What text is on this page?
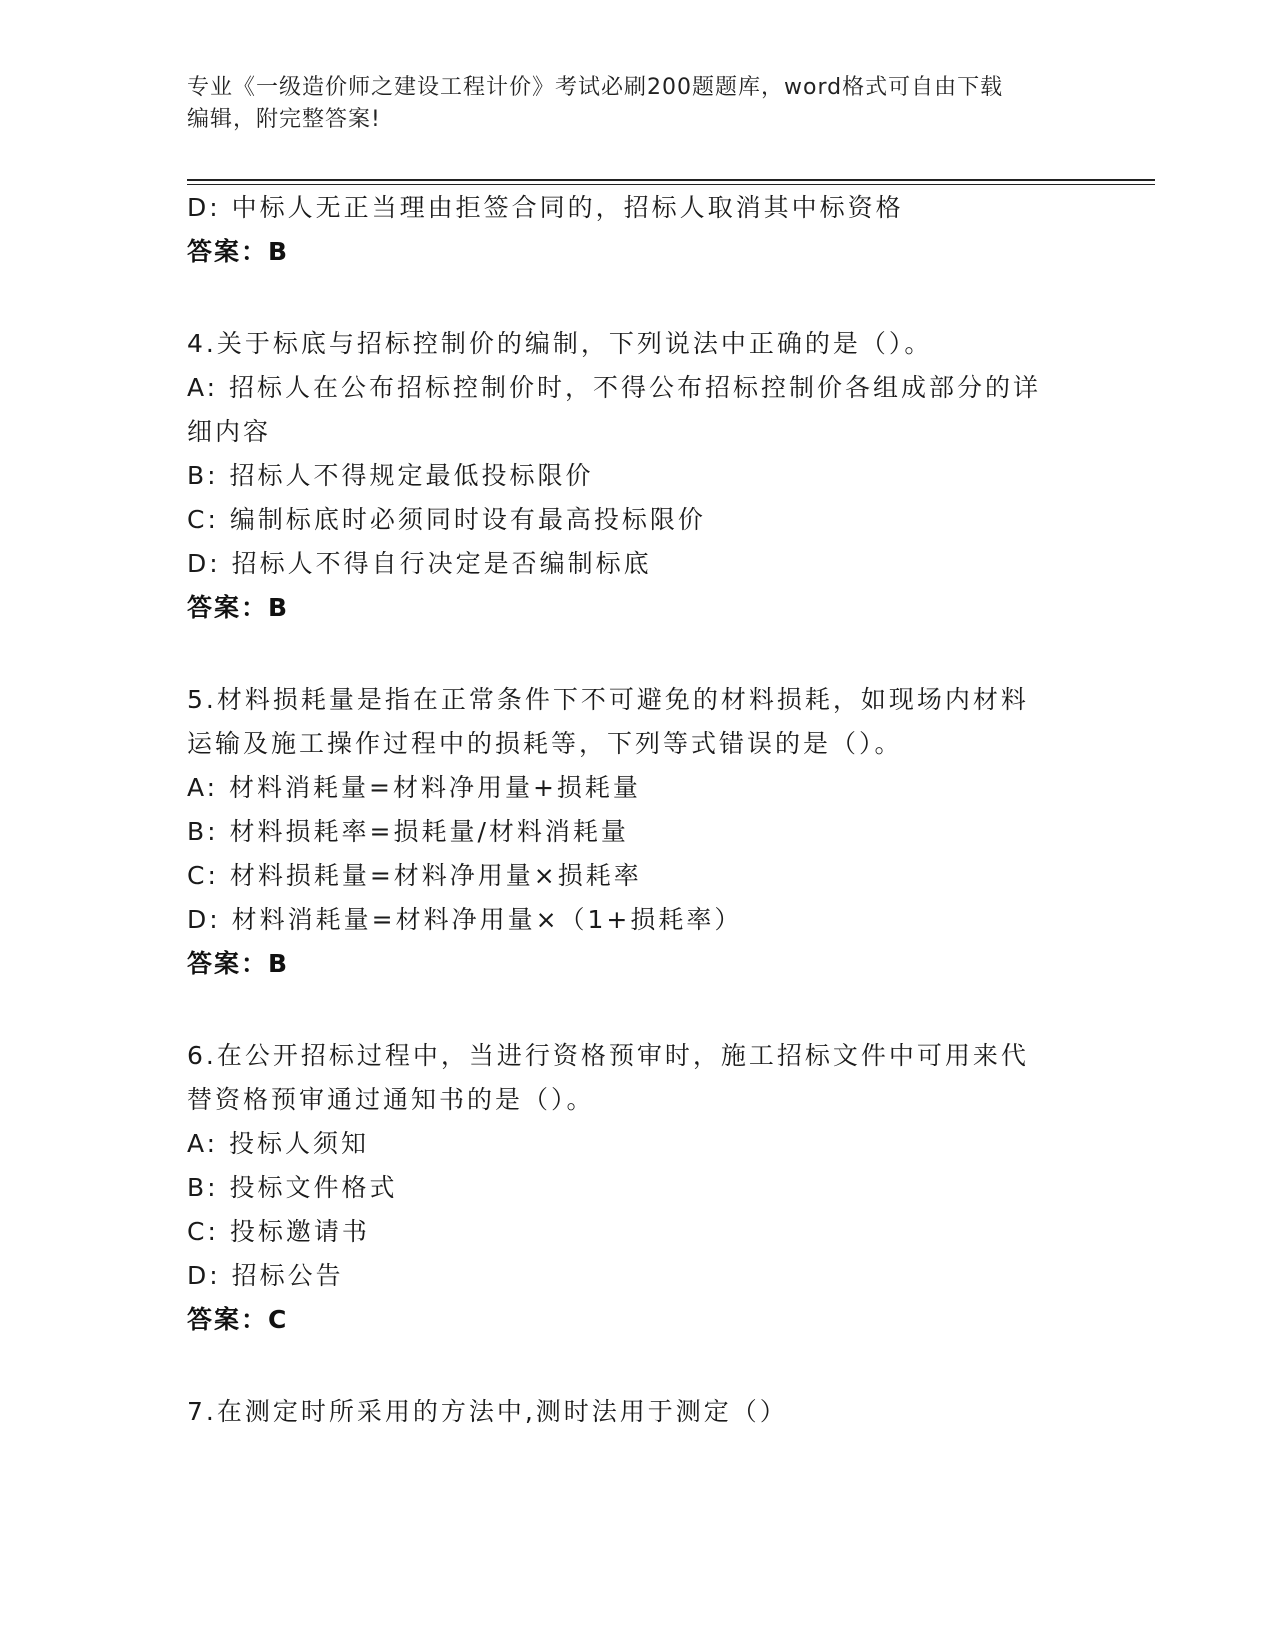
专业《一级造价师之建设工程计价》考试必刷200题题库，word格式可自由下载
编辑，附完整答案!
D: 中标人无正当理由拒签合同的，招标人取消其中标资格
答案：B
4.关于标底与招标控制价的编制，下列说法中正确的是（）。
A: 招标人在公布招标控制价时，不得公布招标控制价各组成部分的详
细内容
B: 招标人不得规定最低投标限价
C: 编制标底时必须同时设有最高投标限价
D: 招标人不得自行决定是否编制标底
答案：B
5.材料损耗量是指在正常条件下不可避免的材料损耗，如现场内材料
运输及施工操作过程中的损耗等，下列等式错误的是（）。
A: 材料消耗量=材料净用量+损耗量
B: 材料损耗率=损耗量/材料消耗量
C: 材料损耗量=材料净用量×损耗率
D: 材料消耗量=材料净用量×（1+损耗率）
答案：B
6.在公开招标过程中，当进行资格预审时，施工招标文件中可用来代
替资格预审通过通知书的是（）。
A: 投标人须知
B: 投标文件格式
C: 投标邀请书
D: 招标公告
答案：C
7.在测定时所采用的方法中,测时法用于测定（）
